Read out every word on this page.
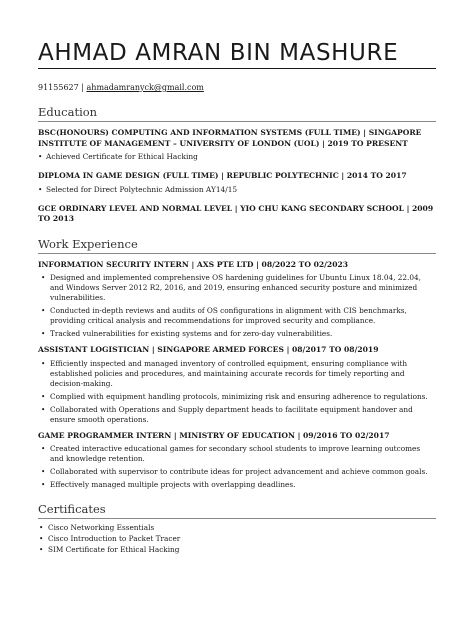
AHMAD AMRAN BIN MASHURE
91155627 | ahmadamranyck@gmail.com
Education
BSC(HONOURS) COMPUTING AND INFORMATION SYSTEMS (FULL TIME) | SINGAPORE INSTITUTE OF MANAGEMENT – UNIVERSITY OF LONDON (UOL) | 2019 TO PRESENT
• Achieved Certificate for Ethical Hacking
DIPLOMA IN GAME DESIGN (FULL TIME) | REPUBLIC POLYTECHNIC | 2014 TO 2017
• Selected for Direct Polytechnic Admission AY14/15
GCE ORDINARY LEVEL AND NORMAL LEVEL | YIO CHU KANG SECONDARY SCHOOL | 2009 TO 2013
Work Experience
INFORMATION SECURITY INTERN | AXS PTE LTD | 08/2022 TO 02/2023
• Designed and implemented comprehensive OS hardening guidelines for Ubuntu Linux 18.04, 22.04, and Windows Server 2012 R2, 2016, and 2019, ensuring enhanced security posture and minimized vulnerabilities.
• Conducted in-depth reviews and audits of OS configurations in alignment with CIS benchmarks, providing critical analysis and recommendations for improved security and compliance.
• Tracked vulnerabilities for existing systems and for zero-day vulnerabilities.
ASSISTANT LOGISTICIAN | SINGAPORE ARMED FORCES | 08/2017 TO 08/2019
• Efficiently inspected and managed inventory of controlled equipment, ensuring compliance with established policies and procedures, and maintaining accurate records for timely reporting and decision-making.
• Complied with equipment handling protocols, minimizing risk and ensuring adherence to regulations.
• Collaborated with Operations and Supply department heads to facilitate equipment handover and ensure smooth operations.
GAME PROGRAMMER INTERN | MINISTRY OF EDUCATION | 09/2016 TO 02/2017
• Created interactive educational games for secondary school students to improve learning outcomes and knowledge retention.
• Collaborated with supervisor to contribute ideas for project advancement and achieve common goals.
• Effectively managed multiple projects with overlapping deadlines.
Certificates
• Cisco Networking Essentials
• Cisco Introduction to Packet Tracer
• SIM Certificate for Ethical Hacking
